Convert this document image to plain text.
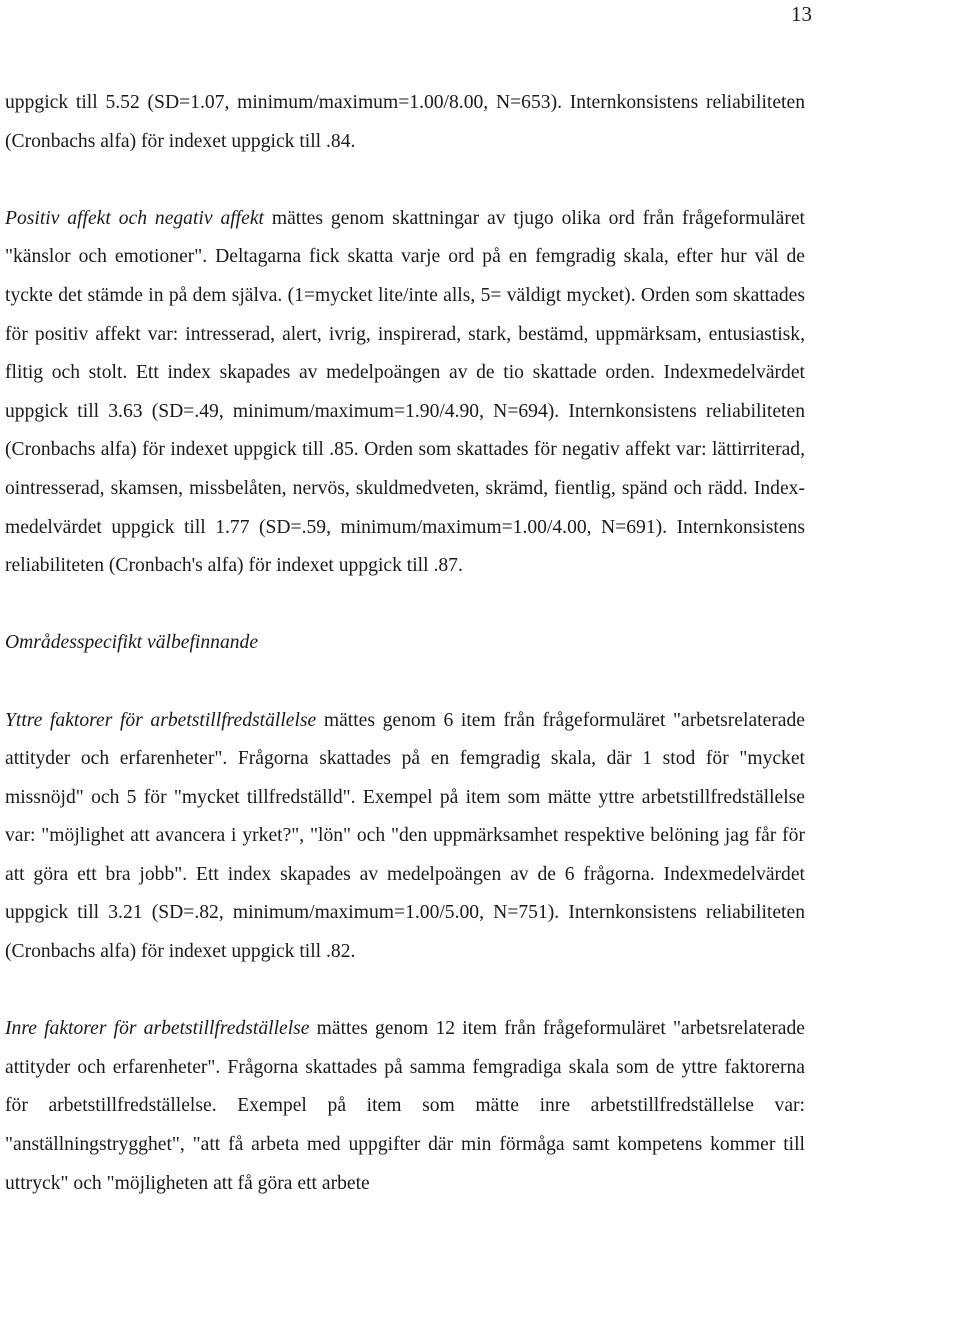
13

uppgick till 5.52 (SD=1.07, minimum/maximum=1.00/8.00, N=653). Internkonsistens reliabiliteten (Cronbachs alfa) för indexet uppgick till .84.

Positiv affekt och negativ affekt mättes genom skattningar av tjugo olika ord från frågeformuläret "känslor och emotioner". Deltagarna fick skatta varje ord på en femgradig skala, efter hur väl de tyckte det stämde in på dem själva. (1=mycket lite/inte alls, 5= väldigt mycket). Orden som skattades för positiv affekt var: intresserad, alert, ivrig, inspirerad, stark, bestämd, uppmärksam, entusiastisk, flitig och stolt. Ett index skapades av medelpoängen av de tio skattade orden. Indexmedelvärdet uppgick till 3.63 (SD=.49, minimum/maximum=1.90/4.90, N=694). Internkonsistens reliabiliteten (Cronbachs alfa) för indexet uppgick till .85. Orden som skattades för negativ affekt var: lättirriterad, ointresserad, skamsen, missbelåten, nervös, skuldmedveten, skrämd, fientlig, spänd och rädd. Index- medelvärdet uppgick till 1.77 (SD=.59, minimum/maximum=1.00/4.00, N=691). Internkonsistens reliabiliteten (Cronbach's alfa) för indexet uppgick till .87.

Områdesspecifikt välbefinnande

Yttre faktorer för arbetstillfredställelse mättes genom 6 item från frågeformuläret "arbetsrelaterade attityder och erfarenheter". Frågorna skattades på en femgradig skala, där 1 stod för "mycket missnöjd" och 5 för "mycket tillfredställd". Exempel på item som mätte yttre arbetstillfredställelse var: "möjlighet att avancera i yrket?", "lön" och "den uppmärksamhet respektive belöning jag får för att göra ett bra jobb". Ett index skapades av medelpoängen av de 6 frågorna. Indexmedelvärdet uppgick till 3.21 (SD=.82, minimum/maximum=1.00/5.00, N=751). Internkonsistens reliabiliteten (Cronbachs alfa) för indexet uppgick till .82.

Inre faktorer för arbetstillfredställelse mättes genom 12 item från frågeformuläret "arbetsrelaterade attityder och erfarenheter". Frågorna skattades på samma femgradiga skala som de yttre faktorerna för arbetstillfredställelse. Exempel på item som mätte inre arbetstillfredställelse var: "anställningstrygghet", "att få arbeta med uppgifter där min förmåga samt kompetens kommer till uttryck" och "möjligheten att få göra ett arbete
